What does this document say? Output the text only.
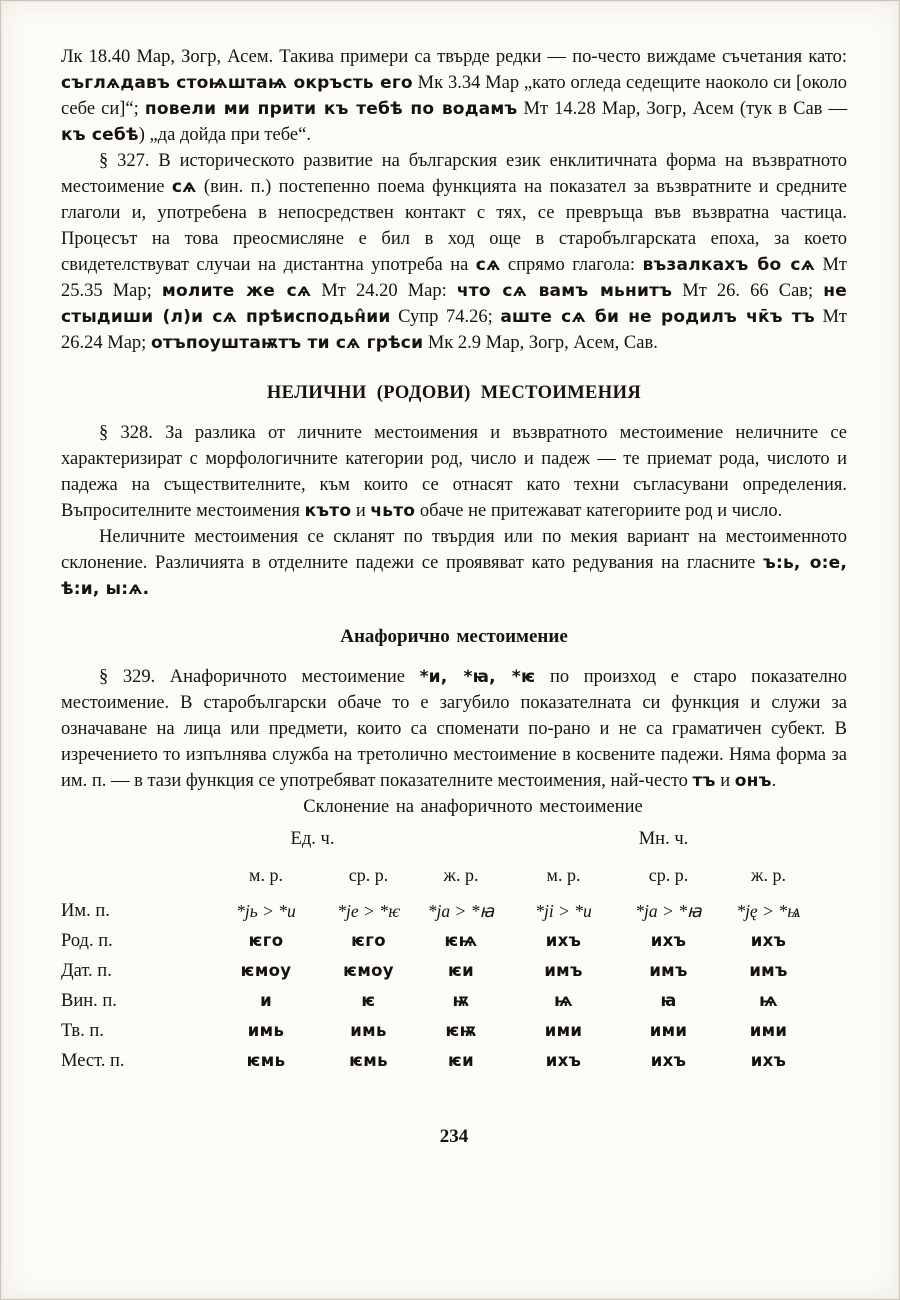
Лк 18.40 Мар, Зогр, Асем. Такива примери са твърде редки — по-често виждаме съчетания като: съглѧдавъ стоѩштаѩ окръсть его Мк 3.34 Мар „като огледа седещите наоколо си [около себе си]“; повели ми прити къ тебѣ по водамъ Мт 14.28 Мар, Зогр, Асем (тук в Сав — къ себѣ) „да дойда при тебе“.

§ 327. В историческото развитие на българския език енклитичната форма на възвратното местоимение сѧ (вин. п.) постепенно поема функцията на показател за възвратните и средните глаголи и, употребена в непосредствен контакт с тях, се превръща във възвратна частица. Процесът на това преосмисляне е бил в ход още в старобългарската епоха, за което свидетелствуват случаи на дистантна употреба на сѧ спрямо глагола: възалкахъ бо сѧ Мт 25.35 Мар; молите же сѧ Мт 24.20 Мар: что сѧ вамъ мьнитъ Мт 26. 66 Сав; не стыдиши (л)и сѧ прѣисподьн̂ии Супр 74.26; аште сѧ би не родилъ чк̄ъ тъ Мт 26.24 Мар; отъпоуштаѭтъ ти сѧ грѣси Мк 2.9 Мар, Зогр, Асем, Сав.

НЕЛИЧНИ (РОДОВИ) МЕСТОИМЕНИЯ

§ 328. За разлика от личните местоимения и възвратното местоимение неличните се характеризират с морфологичните категории род, число и падеж — те приемат рода, числото и падежа на съществителните, към които се отнасят като техни съгласувани определения. Въпросителните местоимения къто и чьто обаче не притежават категориите род и число.

Неличните местоимения се скланят по твърдия или по мекия вариант на местоименното склонение. Различията в отделните падежи се проявяват като редувания на гласните ъ:ь, о:е, ѣ:и, ы:ѧ.

Анафорично местоимение

§ 329. Анафоричното местоимение *и, *ꙗ, *ѥ по произход е старо показателно местоимение. В старобългарски обаче то е загубило показателната си функция и служи за означаване на лица или предмети, които са споменати по-рано и не са граматичен субект. В изречението то изпълнява служба на третолично местоимение в косвените падежи. Няма форма за им. п. — в тази функция се употребяват показателните местоимения, най-често тъ и онъ.

Склонение на анафоричното местоимение

Ед. ч.	Мн. ч.
м. р.	ср. р.	ж. р.	м. р.	ср. р.	ж. р.
Им. п.	*jь > *и	*je > *ѥ	*ja > *ꙗ	*ji > *и	*ja > *ꙗ	*ję > *ѩ
Род. п.	ѥго	ѥго	ѥѩ	ихъ	ихъ	ихъ
Дат. п.	ѥмоу	ѥмоу	ѥи	имъ	имъ	имъ
Вин. п.	и	ѥ	ѭ	ѩ	ꙗ	ѩ
Тв. п.	имь	имь	ѥѭ	ими	ими	ими
Мест. п.	ѥмь	ѥмь	ѥи	ихъ	ихъ	ихъ
234
